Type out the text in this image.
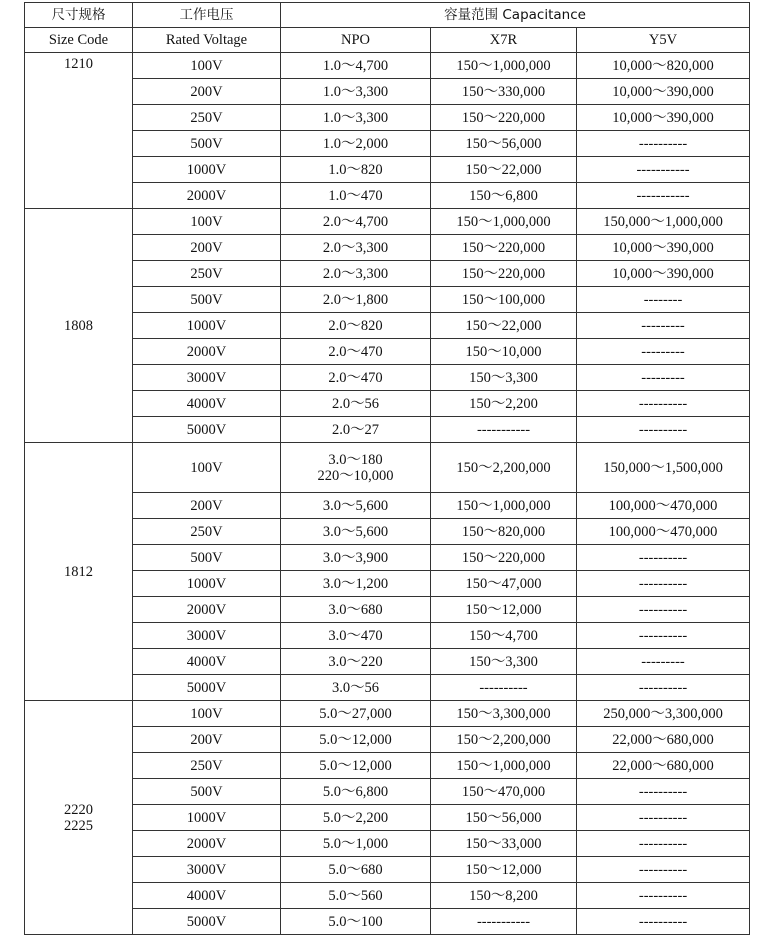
尺寸规格	工作电压	容量范围 Capacitance		
Size Code	Rated Voltage	NPO	X7R	Y5V

1210	100V	1.0～4,700	150～1,000,000	10,000～820,000
	200V	1.0～3,300	150～330,000	10,000～390,000
	250V	1.0～3,300	150～220,000	10,000～390,000
	500V	1.0～2,000	150～56,000	----------
	1000V	1.0～820	150～22,000	-----------
	2000V	1.0～470	150～6,800	-----------

1808	100V	2.0～4,700	150～1,000,000	150,000～1,000,000
	200V	2.0～3,300	150～220,000	10,000～390,000
	250V	2.0～3,300	150～220,000	10,000～390,000
	500V	2.0～1,800	150～100,000	--------
	1000V	2.0～820	150～22,000	---------
	2000V	2.0～470	150～10,000	---------
	3000V	2.0～470	150～3,300	---------
	4000V	2.0～56	150～2,200	----------
	5000V	2.0～27	-----------	----------

1812	100V	3.0～180
220～10,000	150～2,200,000	150,000～1,500,000
	200V	3.0～5,600	150～1,000,000	100,000～470,000
	250V	3.0～5,600	150～820,000	100,000～470,000
	500V	3.0～3,900	150～220,000	----------
	1000V	3.0～1,200	150～47,000	----------
	2000V	3.0～680	150～12,000	----------
	3000V	3.0～470	150～4,700	----------
	4000V	3.0～220	150～3,300	---------
	5000V	3.0～56	----------	----------

2220
2225	100V	5.0～27,000	150～3,300,000	250,000～3,300,000
	200V	5.0～12,000	150～2,200,000	22,000～680,000
	250V	5.0～12,000	150～1,000,000	22,000～680,000
	500V	5.0～6,800	150～470,000	----------
	1000V	5.0～2,200	150～56,000	----------
	2000V	5.0～1,000	150～33,000	----------
	3000V	5.0～680	150～12,000	----------
	4000V	5.0～560	150～8,200	----------
	5000V	5.0～100	-----------	----------
